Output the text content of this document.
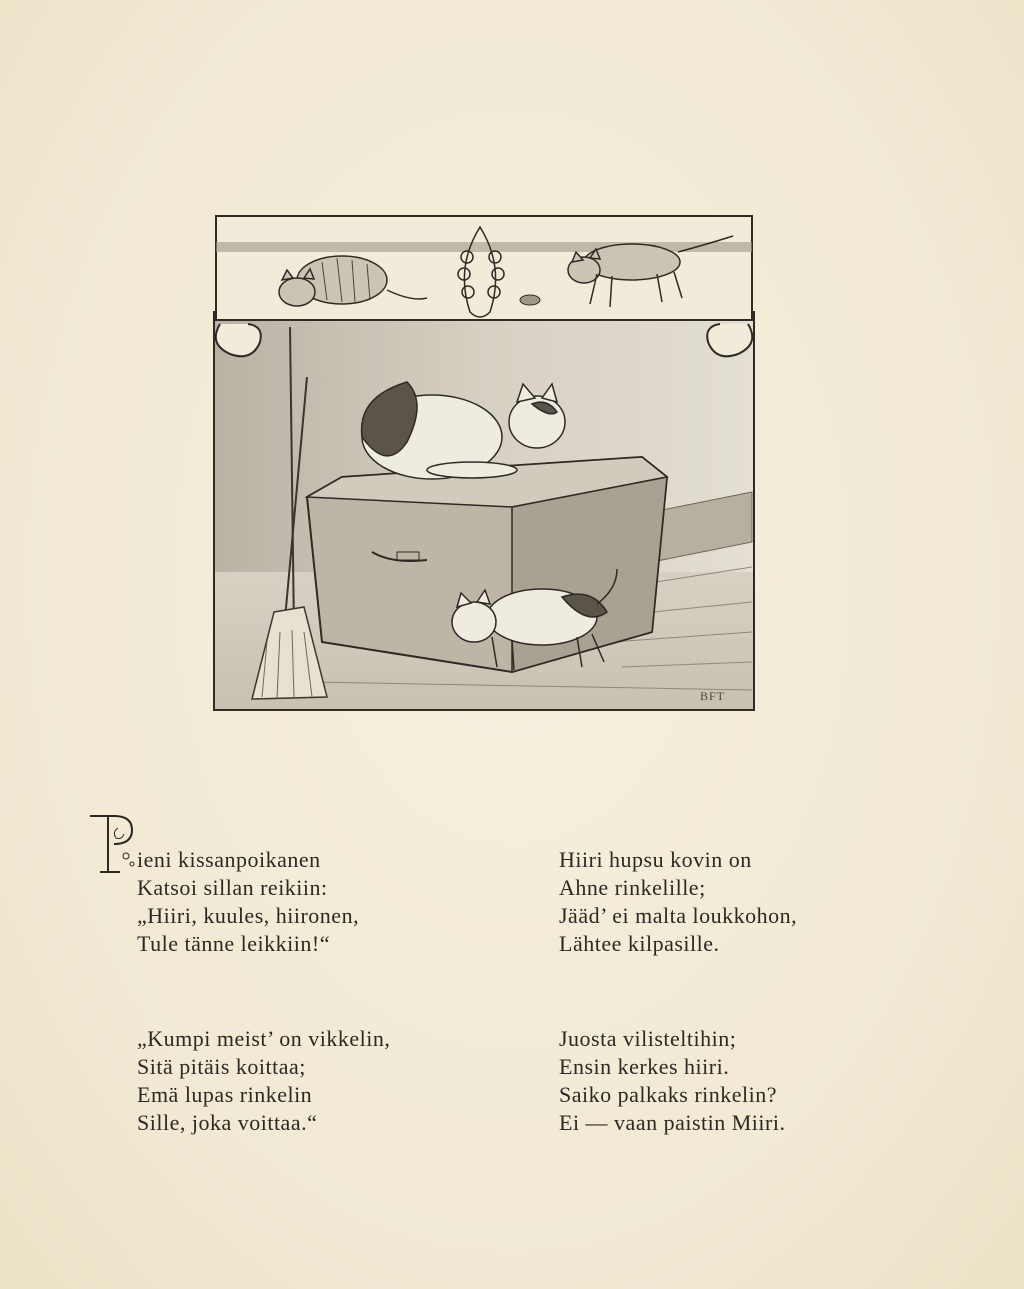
BFT
ieni kissanpoikanen
Katsoi sillan reikiin:
„Hiiri, kuules, hiironen,
Tule tänne leikkiin!“
Hiiri hupsu kovin on
Ahne rinkelille;
Jääd’ ei malta loukkohon,
Lähtee kilpasille.
„Kumpi meist’ on vikkelin,
Sitä pitäis koittaa;
Emä lupas rinkelin
Sille, joka voittaa.“
Juosta vilisteltihin;
Ensin kerkes hiiri.
Saiko palkaks rinkelin?
Ei — vaan paistin Miiri.
